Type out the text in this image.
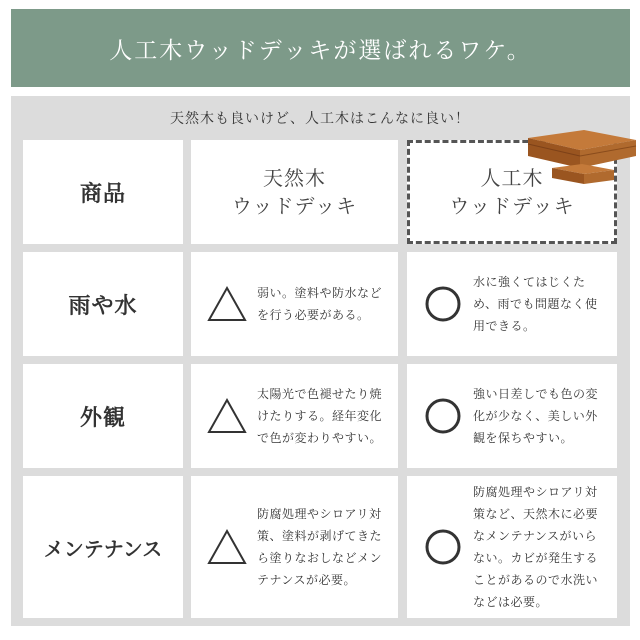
人工木ウッドデッキが選ばれるワケ。
天然木も良いけど、人工木はこんなに良い！
商品
天然木
ウッドデッキ
人工木
ウッドデッキ
雨や水	弱い。塗料や防水などを行う必要がある。
水に強くてはじくため、雨でも問題なく使用できる。
外観
太陽光で色褪せたり焼けたりする。経年変化で色が変わりやすい。
強い日差しでも色の変化が少なく、美しい外観を保ちやすい。
メンテナンス
防腐処理やシロアリ対策、塗料が剥げてきたら塗りなおしなどメンテナンスが必要。
防腐処理やシロアリ対策など、天然木に必要なメンテナンスがいらない。カビが発生することがあるので水洗いなどは必要。
